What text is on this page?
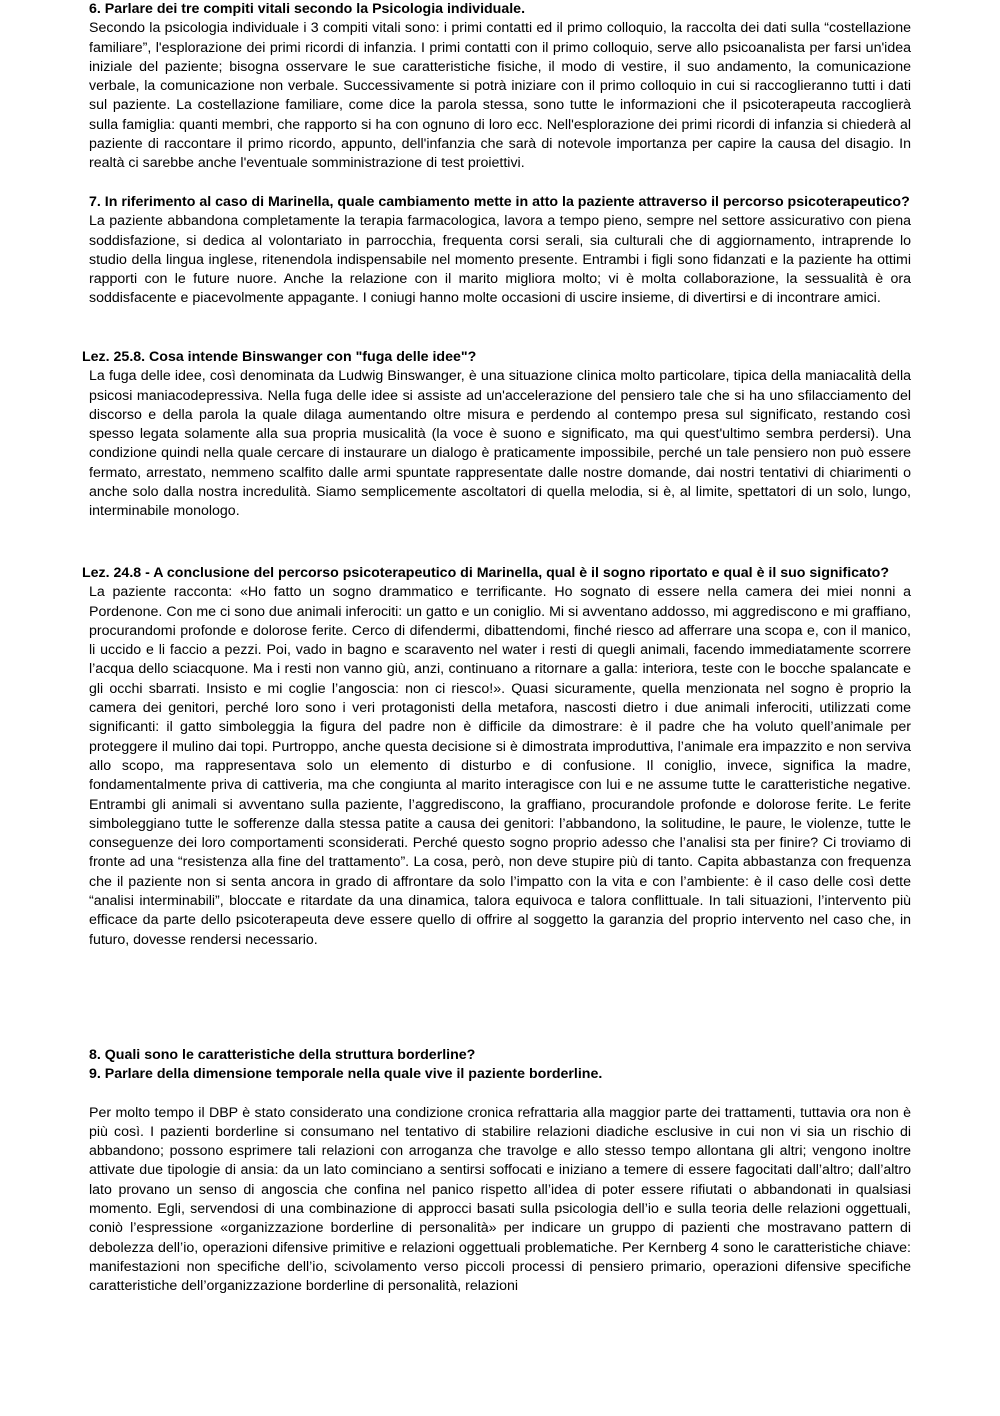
6. Parlare dei tre compiti vitali secondo la Psicologia individuale.
Secondo la psicologia individuale i 3 compiti vitali sono: i primi contatti ed il primo colloquio, la raccolta dei dati sulla “costellazione familiare”, l'esplorazione dei primi ricordi di infanzia. I primi contatti con il primo colloquio, serve allo psicoanalista per farsi un'idea iniziale del paziente; bisogna osservare le sue caratteristiche fisiche, il modo di vestire, il suo andamento, la comunicazione verbale, la comunicazione non verbale. Successivamente si potrà iniziare con il primo colloquio in cui si raccoglieranno tutti i dati sul paziente. La costellazione familiare, come dice la parola stessa, sono tutte le informazioni che il psicoterapeuta raccoglierà sulla famiglia: quanti membri, che rapporto si ha con ognuno di loro ecc. Nell'esplorazione dei primi ricordi di infanzia si chiederà al paziente di raccontare il primo ricordo, appunto, dell'infanzia che sarà di notevole importanza per capire la causa del disagio. In realtà ci sarebbe anche l'eventuale somministrazione di test proiettivi.
7. In riferimento al caso di Marinella, quale cambiamento mette in atto la paziente attraverso il percorso psicoterapeutico?
La paziente abbandona completamente la terapia farmacologica, lavora a tempo pieno, sempre nel settore assicurativo con piena soddisfazione, si dedica al volontariato in parrocchia, frequenta corsi serali, sia culturali che di aggiornamento, intraprende lo studio della lingua inglese, ritenendola indispensabile nel momento presente. Entrambi i figli sono fidanzati e la paziente ha ottimi rapporti con le future nuore. Anche la relazione con il marito migliora molto; vi è molta collaborazione, la sessualità è ora soddisfacente e piacevolmente appagante. I coniugi hanno molte occasioni di uscire insieme, di divertirsi e di incontrare amici.
Lez. 25.8. Cosa intende Binswanger con "fuga delle idee"?
La fuga delle idee, così denominata da Ludwig Binswanger, è una situazione clinica molto particolare, tipica della maniacalità della psicosi maniacodepressiva. Nella fuga delle idee si assiste ad un'accelerazione del pensiero tale che si ha uno sfilacciamento del discorso e della parola la quale dilaga aumentando oltre misura e perdendo al contempo presa sul significato, restando così spesso legata solamente alla sua propria musicalità (la voce è suono e significato, ma qui quest'ultimo sembra perdersi). Una condizione quindi nella quale cercare di instaurare un dialogo è praticamente impossibile, perché un tale pensiero non può essere fermato, arrestato, nemmeno scalfito dalle armi spuntate rappresentate dalle nostre domande, dai nostri tentativi di chiarimenti o anche solo dalla nostra incredulità. Siamo semplicemente ascoltatori di quella melodia, si è, al limite, spettatori di un solo, lungo, interminabile monologo.
Lez. 24.8 - A conclusione del percorso psicoterapeutico di Marinella, qual è il sogno riportato e qual è il suo significato?
La paziente racconta: «Ho fatto un sogno drammatico e terrificante. Ho sognato di essere nella camera dei miei nonni a Pordenone. Con me ci sono due animali inferociti: un gatto e un coniglio. Mi si avventano addosso, mi aggrediscono e mi graffiano, procurandomi profonde e dolorose ferite. Cerco di difendermi, dibattendomi, finché riesco ad afferrare una scopa e, con il manico, li uccido e li faccio a pezzi. Poi, vado in bagno e scaravento nel water i resti di quegli animali, facendo immediatamente scorrere l’acqua dello sciacquone. Ma i resti non vanno giù, anzi, continuano a ritornare a galla: interiora, teste con le bocche spalancate e gli occhi sbarrati. Insisto e mi coglie l’angoscia: non ci riesco!». Quasi sicuramente, quella menzionata nel sogno è proprio la camera dei genitori, perché loro sono i veri protagonisti della metafora, nascosti dietro i due animali inferociti, utilizzati come significanti: il gatto simboleggia la figura del padre non è difficile da dimostrare: è il padre che ha voluto quell’animale per proteggere il mulino dai topi. Purtroppo, anche questa decisione si è dimostrata improduttiva, l’animale era impazzito e non serviva allo scopo, ma rappresentava solo un elemento di disturbo e di confusione. Il coniglio, invece, significa la madre, fondamentalmente priva di cattiveria, ma che congiunta al marito interagisce con lui e ne assume tutte le caratteristiche negative. Entrambi gli animali si avventano sulla paziente, l’aggrediscono, la graffiano, procurandole profonde e dolorose ferite. Le ferite simboleggiano tutte le sofferenze dalla stessa patite a causa dei genitori: l’abbandono, la solitudine, le paure, le violenze, tutte le conseguenze dei loro comportamenti sconsiderati. Perché questo sogno proprio adesso che l’analisi sta per finire? Ci troviamo di fronte ad una “resistenza alla fine del trattamento”. La cosa, però, non deve stupire più di tanto. Capita abbastanza con frequenza che il paziente non si senta ancora in grado di affrontare da solo l’impatto con la vita e con l’ambiente: è il caso delle così dette “analisi interminabili”, bloccate e ritardate da una dinamica, talora equivoca e talora conflittuale. In tali situazioni, l’intervento più efficace da parte dello psicoterapeuta deve essere quello di offrire al soggetto la garanzia del proprio intervento nel caso che, in futuro, dovesse rendersi necessario.
8. Quali sono le caratteristiche della struttura borderline?
9. Parlare della dimensione temporale nella quale vive il paziente borderline.
Per molto tempo il DBP è stato considerato una condizione cronica refrattaria alla maggior parte dei trattamenti, tuttavia ora non è più così. I pazienti borderline si consumano nel tentativo di stabilire relazioni diadiche esclusive in cui non vi sia un rischio di abbandono; possono esprimere tali relazioni con arroganza che travolge e allo stesso tempo allontana gli altri; vengono inoltre attivate due tipologie di ansia: da un lato cominciano a sentirsi soffocati e iniziano a temere di essere fagocitati dall’altro; dall’altro lato provano un senso di angoscia che confina nel panico rispetto all’idea di poter essere rifiutati o abbandonati in qualsiasi momento. Egli, servendosi di una combinazione di approcci basati sulla psicologia dell’io e sulla teoria delle relazioni oggettuali, coniò l’espressione «organizzazione borderline di personalità» per indicare un gruppo di pazienti che mostravano pattern di debolezza dell’io, operazioni difensive primitive e relazioni oggettuali problematiche. Per Kernberg 4 sono le caratteristiche chiave: manifestazioni non specifiche dell’io, scivolamento verso piccoli processi di pensiero primario, operazioni difensive specifiche caratteristiche dell’organizzazione borderline di personalità, relazioni
